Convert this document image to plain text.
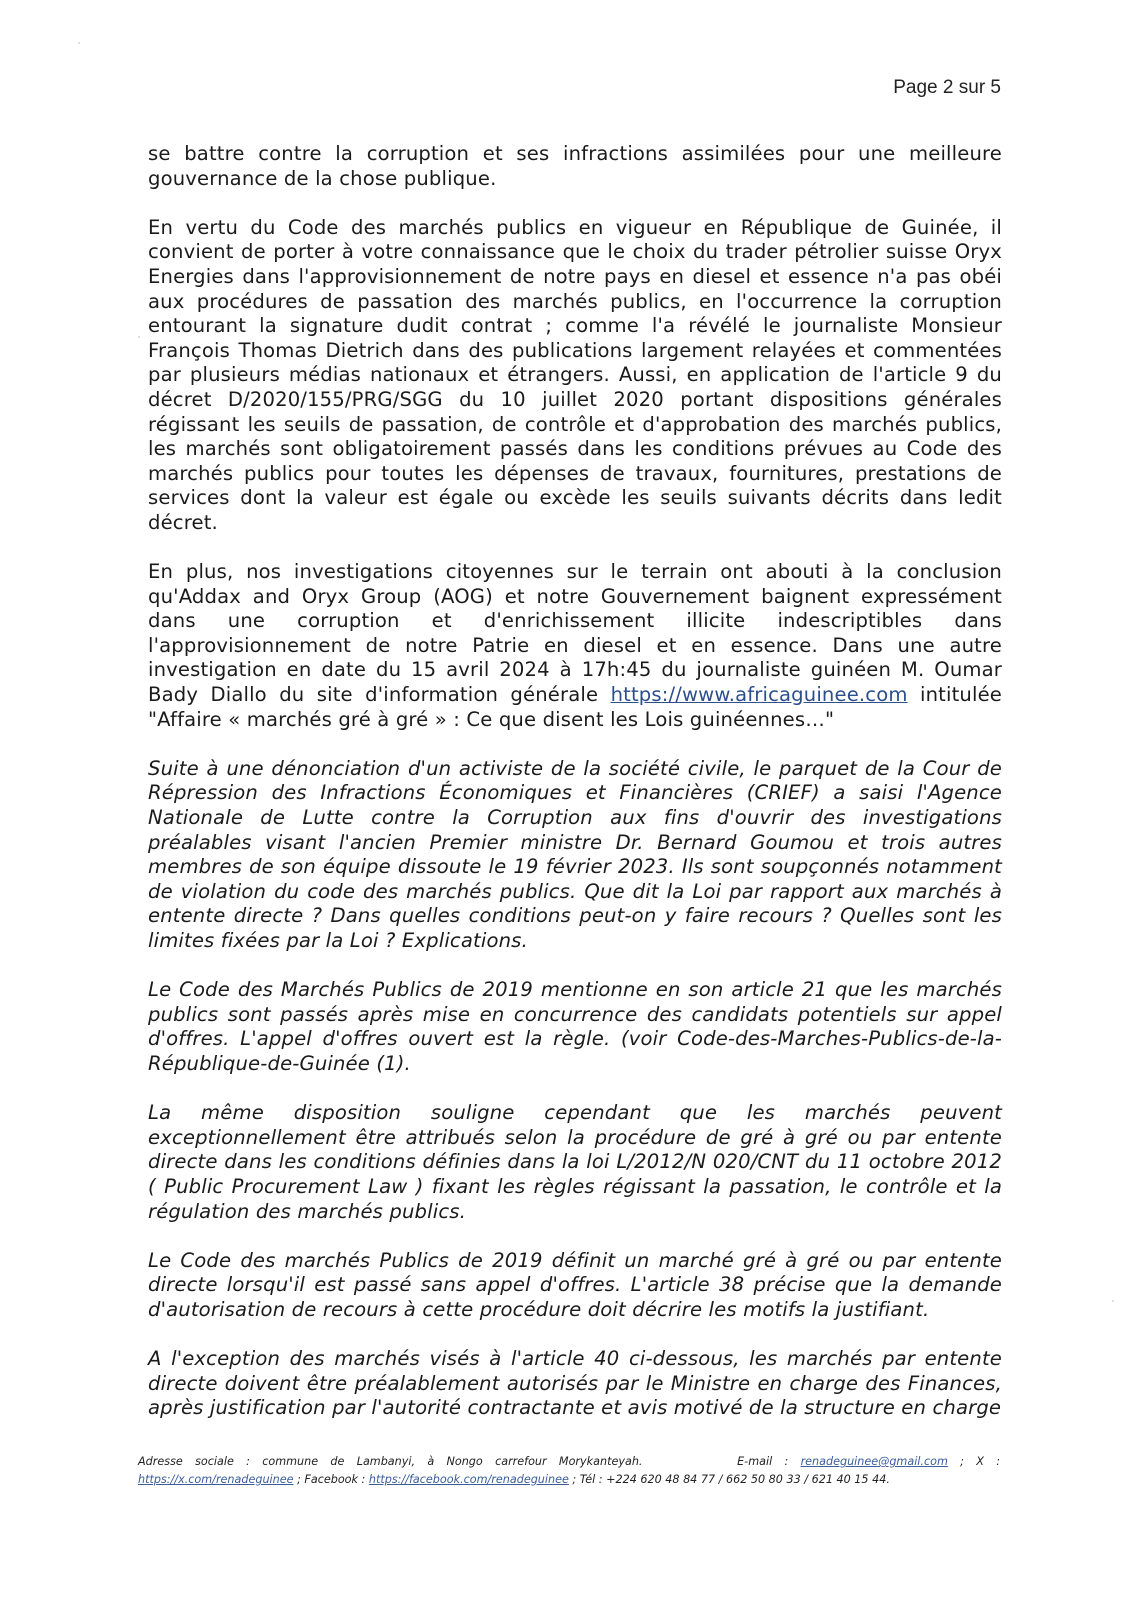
Page 2 sur 5

se battre contre la corruption et ses infractions assimilées pour une meilleure gouvernance de la chose publique.

En vertu du Code des marchés publics en vigueur en République de Guinée, il convient de porter à votre connaissance que le choix du trader pétrolier suisse Oryx Energies dans l'approvisionnement de notre pays en diesel et essence n'a pas obéi aux procédures de passation des marchés publics, en l'occurrence la corruption entourant la signature dudit contrat ; comme l'a révélé le journaliste Monsieur François Thomas Dietrich dans des publications largement relayées et commentées par plusieurs médias nationaux et étrangers. Aussi, en application de l'article 9 du décret D/2020/155/PRG/SGG du 10 juillet 2020 portant dispositions générales régissant les seuils de passation, de contrôle et d'approbation des marchés publics, les marchés sont obligatoirement passés dans les conditions prévues au Code des marchés publics pour toutes les dépenses de travaux, fournitures, prestations de services dont la valeur est égale ou excède les seuils suivants décrits dans ledit décret.

En plus, nos investigations citoyennes sur le terrain ont abouti à la conclusion qu'Addax and Oryx Group (AOG) et notre Gouvernement baignent expressément dans une corruption et d'enrichissement illicite indescriptibles dans l'approvisionnement de notre Patrie en diesel et en essence. Dans une autre investigation en date du 15 avril 2024 à 17h:45 du journaliste guinéen M. Oumar Bady Diallo du site d'information générale https://www.africaguinee.com intitulée "Affaire « marchés gré à gré » : Ce que disent les Lois guinéennes…"

Suite à une dénonciation d'un activiste de la société civile, le parquet de la Cour de Répression des Infractions Économiques et Financières (CRIEF) a saisi l'Agence Nationale de Lutte contre la Corruption aux fins d'ouvrir des investigations préalables visant l'ancien Premier ministre Dr. Bernard Goumou et trois autres membres de son équipe dissoute le 19 février 2023. Ils sont soupçonnés notamment de violation du code des marchés publics. Que dit la Loi par rapport aux marchés à entente directe ? Dans quelles conditions peut-on y faire recours ? Quelles sont les limites fixées par la Loi ? Explications.

Le Code des Marchés Publics de 2019 mentionne en son article 21 que les marchés publics sont passés après mise en concurrence des candidats potentiels sur appel d'offres. L'appel d'offres ouvert est la règle. (voir Code-des-Marches-Publics-de-la-République-de-Guinée (1).

La même disposition souligne cependant que les marchés peuvent exceptionnellement être attribués selon la procédure de gré à gré ou par entente directe dans les conditions définies dans la loi L/2012/N 020/CNT du 11 octobre 2012 ( Public Procurement Law ) fixant les règles régissant la passation, le contrôle et la régulation des marchés publics.

Le Code des marchés Publics de 2019 définit un marché gré à gré ou par entente directe lorsqu'il est passé sans appel d'offres. L'article 38 précise que la demande d'autorisation de recours à cette procédure doit décrire les motifs la justifiant.

A l'exception des marchés visés à l'article 40 ci-dessous, les marchés par entente directe doivent être préalablement autorisés par le Ministre en charge des Finances, après justification par l'autorité contractante et avis motivé de la structure en charge

Adresse sociale : commune de Lambanyi, à Nongo carrefour Morykanteyah.	E-mail : renadeguinee@gmail.com ; X : https://x.com/renadeguinee ; Facebook : https://facebook.com/renadeguinee ; Tél : +224 620 48 84 77 / 662 50 80 33 / 621 40 15 44.
